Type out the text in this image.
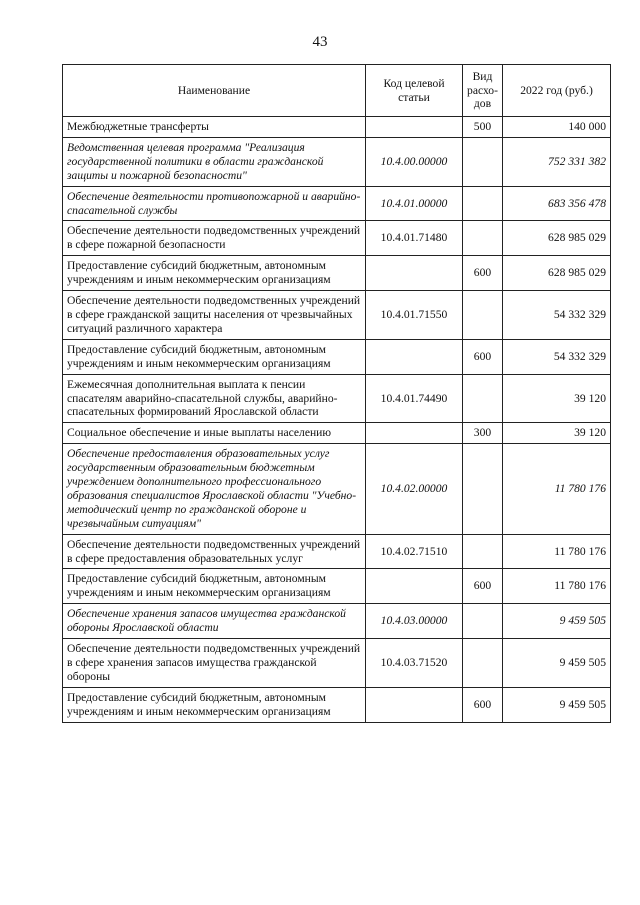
43
Наименование	Код целевой статьи	Вид расхо-дов	2022 год (руб.)
Межбюджетные трансферты		500	140 000
Ведомственная целевая программа "Реализация государственной политики в области гражданской защиты и пожарной безопасности"	10.4.00.00000		752 331 382
Обеспечение деятельности противопожарной и аварийно-спасательной службы	10.4.01.00000		683 356 478
Обеспечение деятельности подведомственных учреждений в сфере пожарной безопасности	10.4.01.71480		628 985 029
Предоставление субсидий бюджетным, автономным учреждениям и иным некоммерческим организациям		600	628 985 029
Обеспечение деятельности подведомственных учреждений в сфере гражданской защиты населения от чрезвычайных ситуаций различного характера	10.4.01.71550		54 332 329
Предоставление субсидий бюджетным, автономным учреждениям и иным некоммерческим организациям		600	54 332 329
Ежемесячная дополнительная выплата к пенсии спасателям аварийно-спасательной службы, аварийно-спасательных формирований Ярославской области	10.4.01.74490		39 120
Социальное обеспечение и иные выплаты населению		300	39 120
Обеспечение предоставления образовательных услуг государственным образовательным бюджетным учреждением дополнительного профессионального образования специалистов Ярославской области "Учебно-методический центр по гражданской обороне и чрезвычайным ситуациям"	10.4.02.00000		11 780 176
Обеспечение деятельности подведомственных учреждений в сфере предоставления образовательных услуг	10.4.02.71510		11 780 176
Предоставление субсидий бюджетным, автономным учреждениям и иным некоммерческим организациям		600	11 780 176
Обеспечение хранения запасов имущества гражданской обороны Ярославской области	10.4.03.00000		9 459 505
Обеспечение деятельности подведомственных учреждений в сфере хранения запасов имущества гражданской обороны	10.4.03.71520		9 459 505
Предоставление субсидий бюджетным, автономным учреждениям и иным некоммерческим организациям		600	9 459 505
